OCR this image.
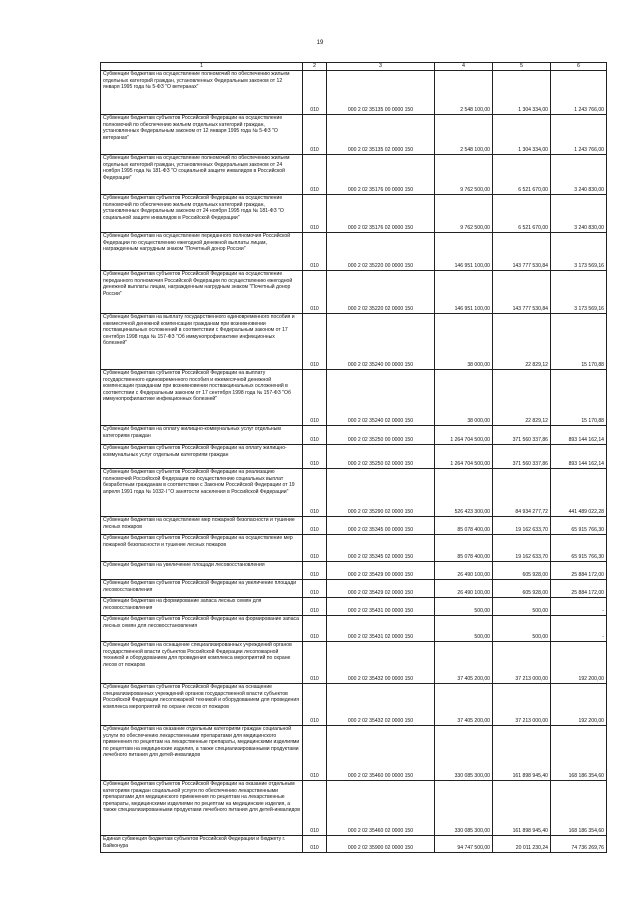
19
1	2	3	4	5	6
Субвенции бюджетам на осуществление полномочий по обеспечению жильем отдельных категорий граждан, установленных Федеральным законом от 12 января 1995 года № 5-ФЗ "О ветеранах"	010	000 2 02 35135 00 0000 150	2 548 100,00	1 304 334,00	1 243 766,00
Субвенции бюджетам субъектов Российской Федерации на осуществление полномочий по обеспечению жильем отдельных категорий граждан, установленных Федеральным законом от 12 января 1995 года № 5-ФЗ "О ветеранах"	010	000 2 02 35135 02 0000 150	2 548 100,00	1 304 334,00	1 243 766,00
Субвенции бюджетам на осуществление полномочий по обеспечению жильем отдельных категорий граждан, установленных Федеральным законом от 24 ноября 1995 года № 181-ФЗ "О социальной защите инвалидов в Российской Федерации"	010	000 2 02 35176 00 0000 150	9 762 500,00	6 521 670,00	3 240 830,00
Субвенции бюджетам субъектов Российской Федерации на осуществление полномочий по обеспечению жильем отдельных категорий граждан, установленных Федеральным законом от 24 ноября 1995 года № 181-ФЗ "О социальной защите инвалидов в Российской Федерации"	010	000 2 02 35176 02 0000 150	9 762 500,00	6 521 670,00	3 240 830,00
Субвенции бюджетам на осуществление переданного полномочия Российской Федерации по осуществлению ежегодной денежной выплаты лицам, награжденным нагрудным знаком "Почетный донор России"	010	000 2 02 35220 00 0000 150	146 951 100,00	143 777 530,84	3 173 569,16
Субвенции бюджетам субъектов Российской Федерации на осуществление переданного полномочия Российской Федерации по осуществлению ежегодной денежной выплаты лицам, награжденным нагрудным знаком "Почетный донор России"	010	000 2 02 35220 02 0000 150	146 951 100,00	143 777 530,84	3 173 569,16
Субвенции бюджетам на выплату государственного единовременного пособия и ежемесячной денежной компенсации гражданам при возникновении поствакцинальных осложнений в соответствии с Федеральным законом от 17 сентября 1998 года № 157-ФЗ "Об иммунопрофилактике инфекционных болезней"	010	000 2 02 35240 00 0000 150	38 000,00	22 829,12	15 170,88
Субвенции бюджетам субъектов Российской Федерации на выплату государственного единовременного пособия и ежемесячной денежной компенсации гражданам при возникновении поствакцинальных осложнений в соответствии с Федеральным законом от 17 сентября 1998 года № 157-ФЗ "Об иммунопрофилактике инфекционных болезней"	010	000 2 02 35240 02 0000 150	38 000,00	22 829,12	15 170,88
Субвенции бюджетам на оплату жилищно-коммунальных услуг отдельным категориям граждан	010	000 2 02 35250 00 0000 150	1 264 704 500,00	371 560 337,86	893 144 162,14
Субвенции бюджетам субъектов Российской Федерации на оплату жилищно-коммунальных услуг отдельным категориям граждан	010	000 2 02 35250 02 0000 150	1 264 704 500,00	371 560 337,86	893 144 162,14
Субвенции бюджетам субъектов Российской Федерации на реализацию полномочий Российской Федерации по осуществлению социальных выплат безработным гражданам в соответствии с Законом Российской Федерации от 19 апреля 1991 года № 1032-I "О занятости населения в Российской Федерации"	010	000 2 02 35290 02 0000 150	526 423 300,00	84 934 277,72	441 489 022,28
Субвенции бюджетам на осуществление мер пожарной безопасности и тушение лесных пожаров	010	000 2 02 35345 00 0000 150	85 078 400,00	19 162 633,70	65 915 766,30
Субвенции бюджетам субъектов Российской Федерации на осуществление мер пожарной безопасности и тушение лесных пожаров	010	000 2 02 35345 02 0000 150	85 078 400,00	19 162 633,70	65 915 766,30
Субвенции бюджетам на увеличение площади лесовосстановления	010	000 2 02 35429 00 0000 150	26 490 100,00	605 928,00	25 884 172,00
Субвенции бюджетам субъектов Российской Федерации на увеличение площади лесовосстановления	010	000 2 02 35429 02 0000 150	26 490 100,00	605 928,00	25 884 172,00
Субвенции бюджетам на формирование запаса лесных семян для лесовосстановления	010	000 2 02 35431 00 0000 150	500,00	500,00	-
Субвенции бюджетам субъектов Российской Федерации на формирование запаса лесных семян для лесовосстановления	010	000 2 02 35431 02 0000 150	500,00	500,00	-
Субвенции бюджетам на оснащение специализированных учреждений органов государственной власти субъектов Российской Федерации лесопожарной техникой и оборудованием для проведения комплекса мероприятий по охране лесов от пожаров	010	000 2 02 35432 00 0000 150	37 405 200,00	37 213 000,00	192 200,00
Субвенции бюджетам субъектов Российской Федерации на оснащение специализированных учреждений органов государственной власти субъектов Российской Федерации лесопожарной техникой и оборудованием для проведения комплекса мероприятий по охране лесов от пожаров	010	000 2 02 35432 02 0000 150	37 405 200,00	37 213 000,00	192 200,00
Субвенции бюджетам на оказание отдельным категориям граждан социальной услуги по обеспечению лекарственными препаратами для медицинского применения по рецептам на лекарственные препараты, медицинскими изделиями по рецептам на медицинские изделия, а также специализированными продуктами лечебного питания для детей-инвалидов	010	000 2 02 35460 00 0000 150	330 085 300,00	161 898 945,40	168 186 354,60
Субвенции бюджетам субъектов Российской Федерации на оказание отдельным категориям граждан социальной услуги по обеспечению лекарственными препаратами для медицинского применения по рецептам на лекарственные препараты, медицинскими изделиями по рецептам на медицинские изделия, а также специализированными продуктами лечебного питания для детей-инвалидов	010	000 2 02 35460 02 0000 150	330 085 300,00	161 898 945,40	168 186 354,60
Единая субвенция бюджетам субъектов Российской Федерации и бюджету г. Байконура	010	000 2 02 35900 02 0000 150	94 747 500,00	20 011 230,24	74 736 269,76
